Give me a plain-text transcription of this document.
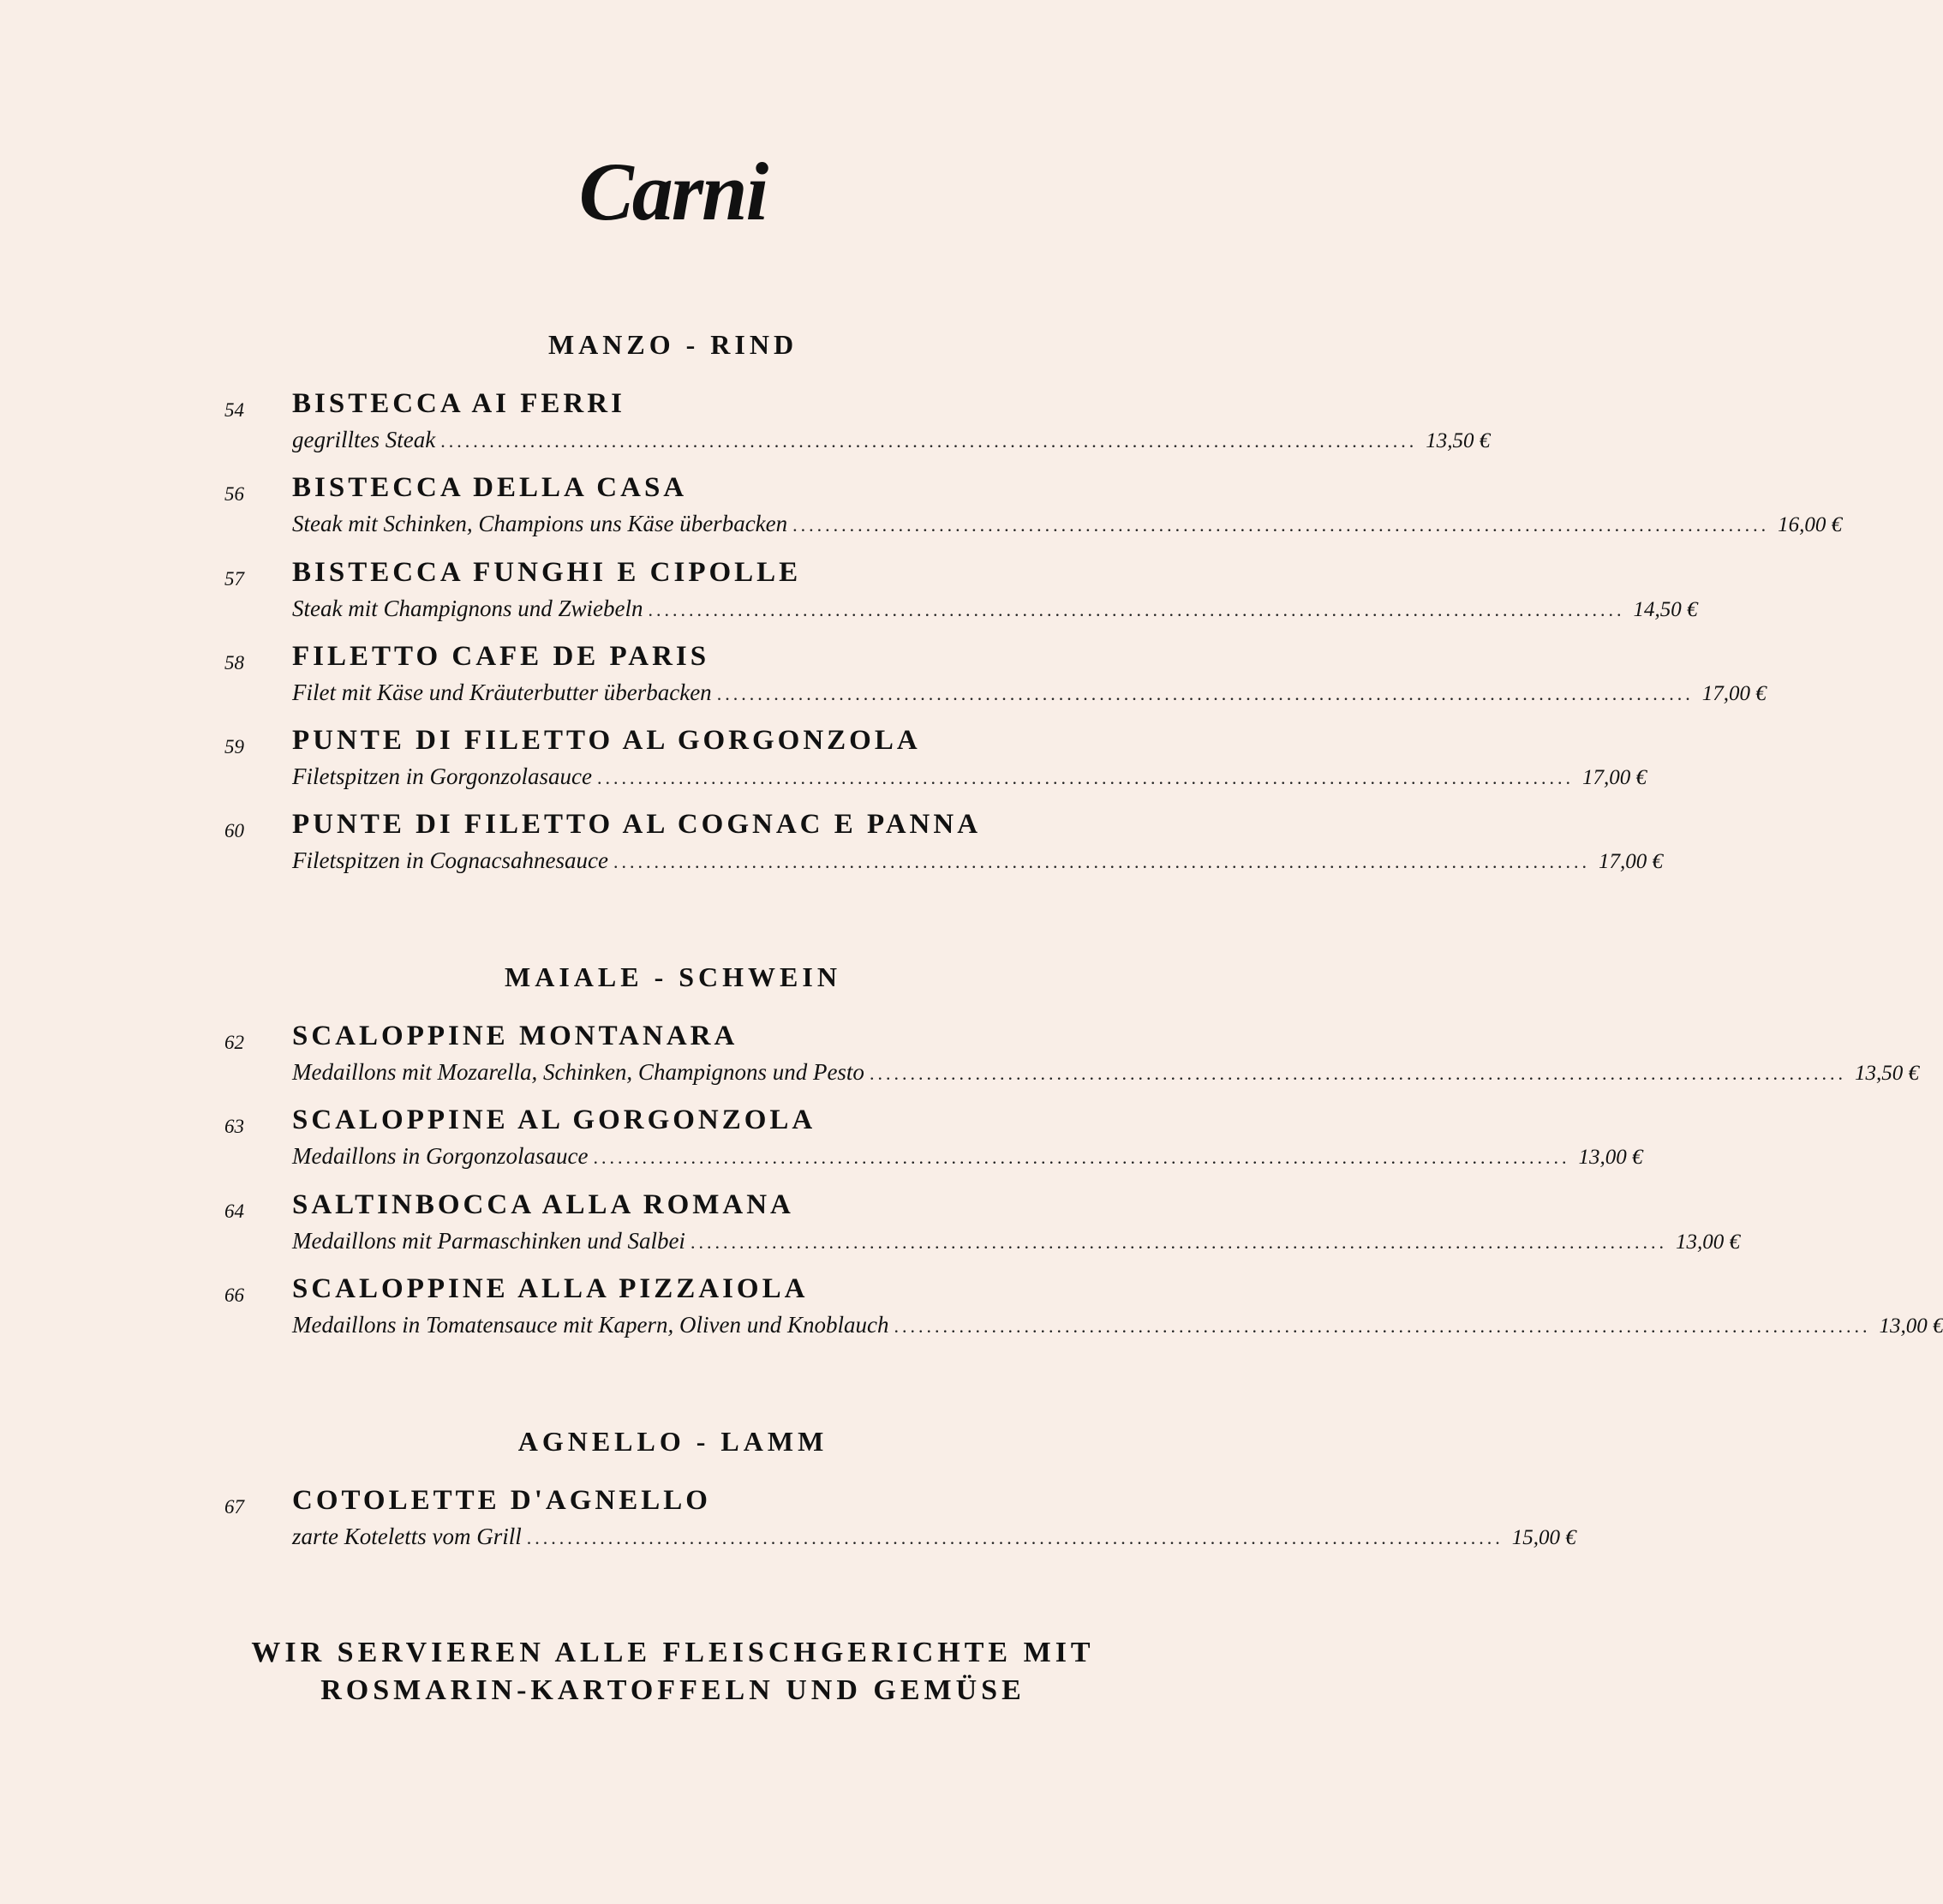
Carni
MANZO - RIND
54 BISTECCA AI FERRI
gegrilltes Steak ........................................................................................................................ 13,50 €
56 BISTECCA DELLA CASA
Steak mit Schinken, Champions uns Käse überbacken ........................................................................................................................ 16,00 €
57 BISTECCA FUNGHI E CIPOLLE
Steak mit Champignons und Zwiebeln ........................................................................................................................ 14,50 €
58 FILETTO CAFE DE PARIS
Filet mit Käse und Kräuterbutter überbacken ........................................................................................................................ 17,00 €
59 PUNTE DI FILETTO AL GORGONZOLA
Filetspitzen in Gorgonzolasauce ........................................................................................................................ 17,00 €
60 PUNTE DI FILETTO AL COGNAC E PANNA
Filetspitzen in Cognacsahnesauce ........................................................................................................................ 17,00 €
MAIALE - SCHWEIN
62 SCALOPPINE MONTANARA
Medaillons mit Mozarella, Schinken, Champignons und Pesto ........................................................................................................................ 13,50 €
63 SCALOPPINE AL GORGONZOLA
Medaillons in Gorgonzolasauce ........................................................................................................................ 13,00 €
64 SALTINBOCCA ALLA ROMANA
Medaillons mit Parmaschinken und Salbei ........................................................................................................................ 13,00 €
66 SCALOPPINE ALLA PIZZAIOLA
Medaillons in Tomatensauce mit Kapern, Oliven und Knoblauch ........................................................................................................................ 13,00 €
AGNELLO - LAMM
67 COTOLETTE D'AGNELLO
zarte Koteletts vom Grill ........................................................................................................................ 15,00 €
WIR SERVIEREN ALLE FLEISCHGERICHTE MIT
ROSMARIN-KARTOFFELN UND GEMÜSE
